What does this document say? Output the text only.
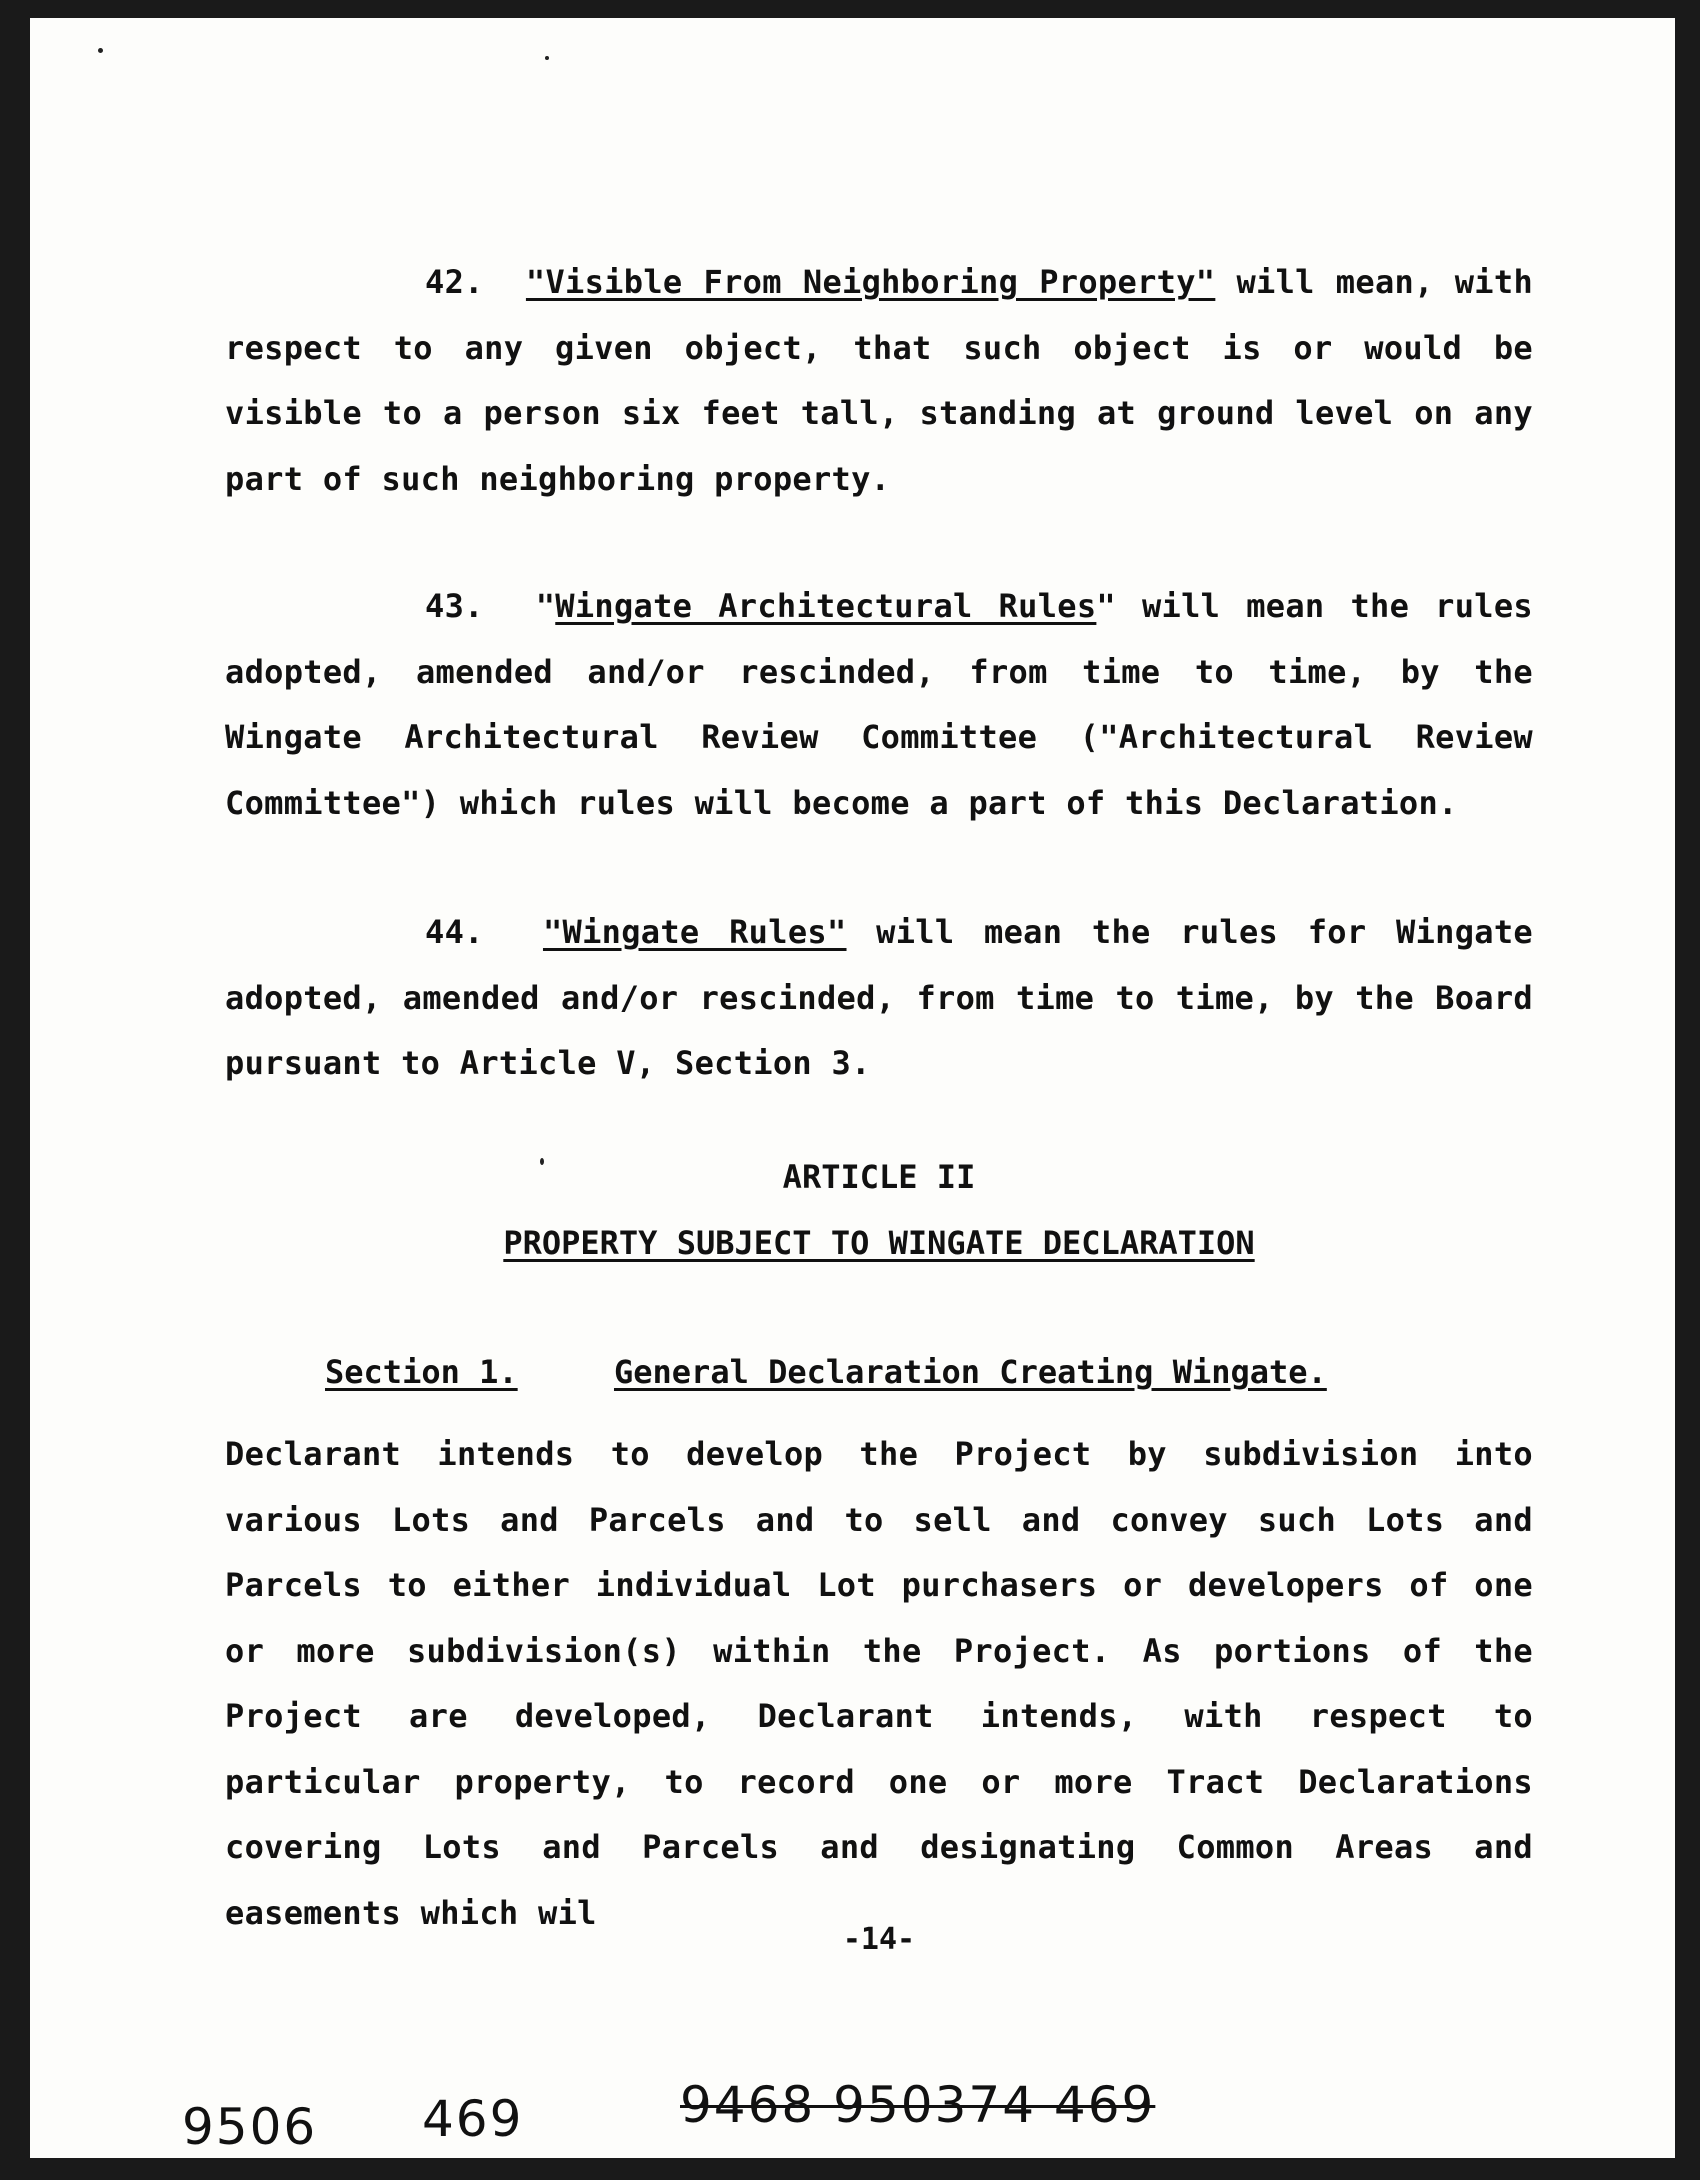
42. "Visible From Neighboring Property" will mean, with respect to any given object, that such object is or would be visible to a person six feet tall, standing at ground level on any part of such neighboring property.

43. "Wingate Architectural Rules" will mean the rules adopted, amended and/or rescinded, from time to time, by the Wingate Architectural Review Committee ("Architectural Review Committee") which rules will become a part of this Declaration.

44. "Wingate Rules" will mean the rules for Wingate adopted, amended and/or rescinded, from time to time, by the Board pursuant to Article V, Section 3.

ARTICLE II
PROPERTY SUBJECT TO WINGATE DECLARATION
Section 1.	General Declaration Creating Wingate.

Declarant intends to develop the Project by subdivision into various Lots and Parcels and to sell and convey such Lots and Parcels to either individual Lot purchasers or developers of one or more subdivision(s) within the Project. As portions of the Project are developed, Declarant intends, with respect to particular property, to record one or more Tract Declarations covering Lots and Parcels and designating Common Areas and easements which wil

-14-
9506 469	9468 950374 469
